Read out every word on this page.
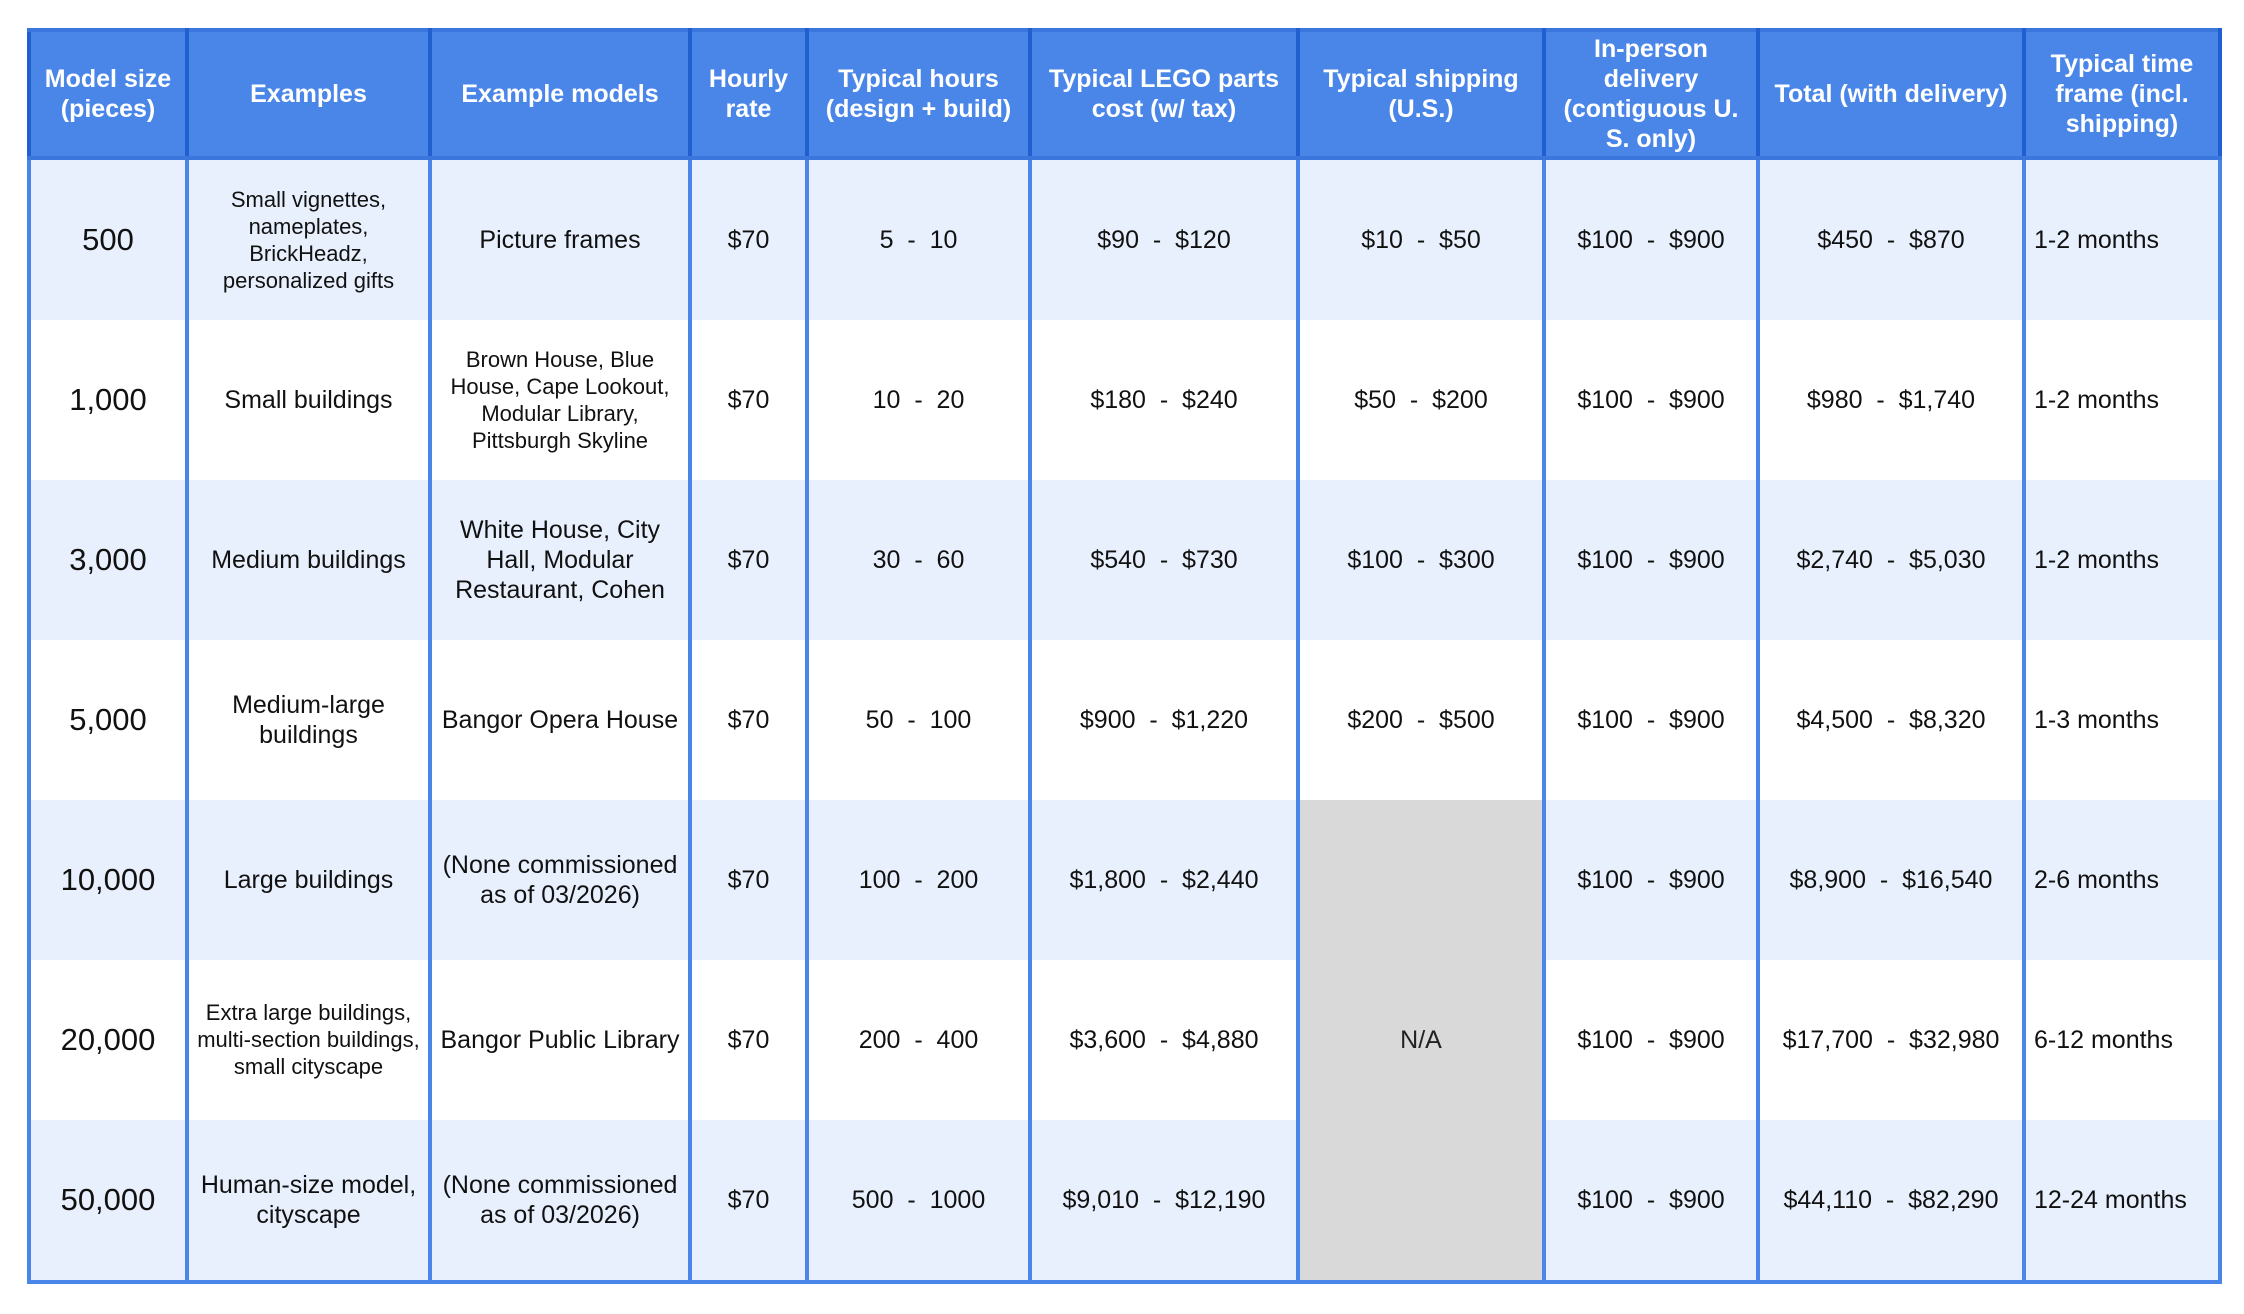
Model size (pieces)	Examples	Example models	Hourly rate	Typical hours (design + build)	Typical LEGO parts cost (w/ tax)	Typical shipping (U.S.)	In-person delivery (contiguous U. S. only)	Total (with delivery)	Typical time frame (incl. shipping)
500	Small vignettes, nameplates, BrickHeadz, personalized gifts	Picture frames	$70	5  -  10	$90  -  $120	$10  -  $50	$100  -  $900	$450  -  $870	1-2 months
1,000	Small buildings	Brown House, Blue House, Cape Lookout, Modular Library, Pittsburgh Skyline	$70	10  -  20	$180  -  $240	$50  -  $200	$100  -  $900	$980  -  $1,740	1-2 months
3,000	Medium buildings	White House, City Hall, Modular Restaurant, Cohen	$70	30  -  60	$540  -  $730	$100  -  $300	$100  -  $900	$2,740  -  $5,030	1-2 months
5,000	Medium-large buildings	Bangor Opera House	$70	50  -  100	$900  -  $1,220	$200  -  $500	$100  -  $900	$4,500  -  $8,320	1-3 months
10,000	Large buildings	(None commissioned as of 03/2026)	$70	100  -  200	$1,800  -  $2,440	N/A	$100  -  $900	$8,900  -  $16,540	2-6 months
20,000	Extra large buildings, multi-section buildings, small cityscape	Bangor Public Library	$70	200  -  400	$3,600  -  $4,880		$100  -  $900	$17,700  -  $32,980	6-12 months
50,000	Human-size model, cityscape	(None commissioned as of 03/2026)	$70	500  -  1000	$9,010  -  $12,190		$100  -  $900	$44,110  -  $82,290	12-24 months
